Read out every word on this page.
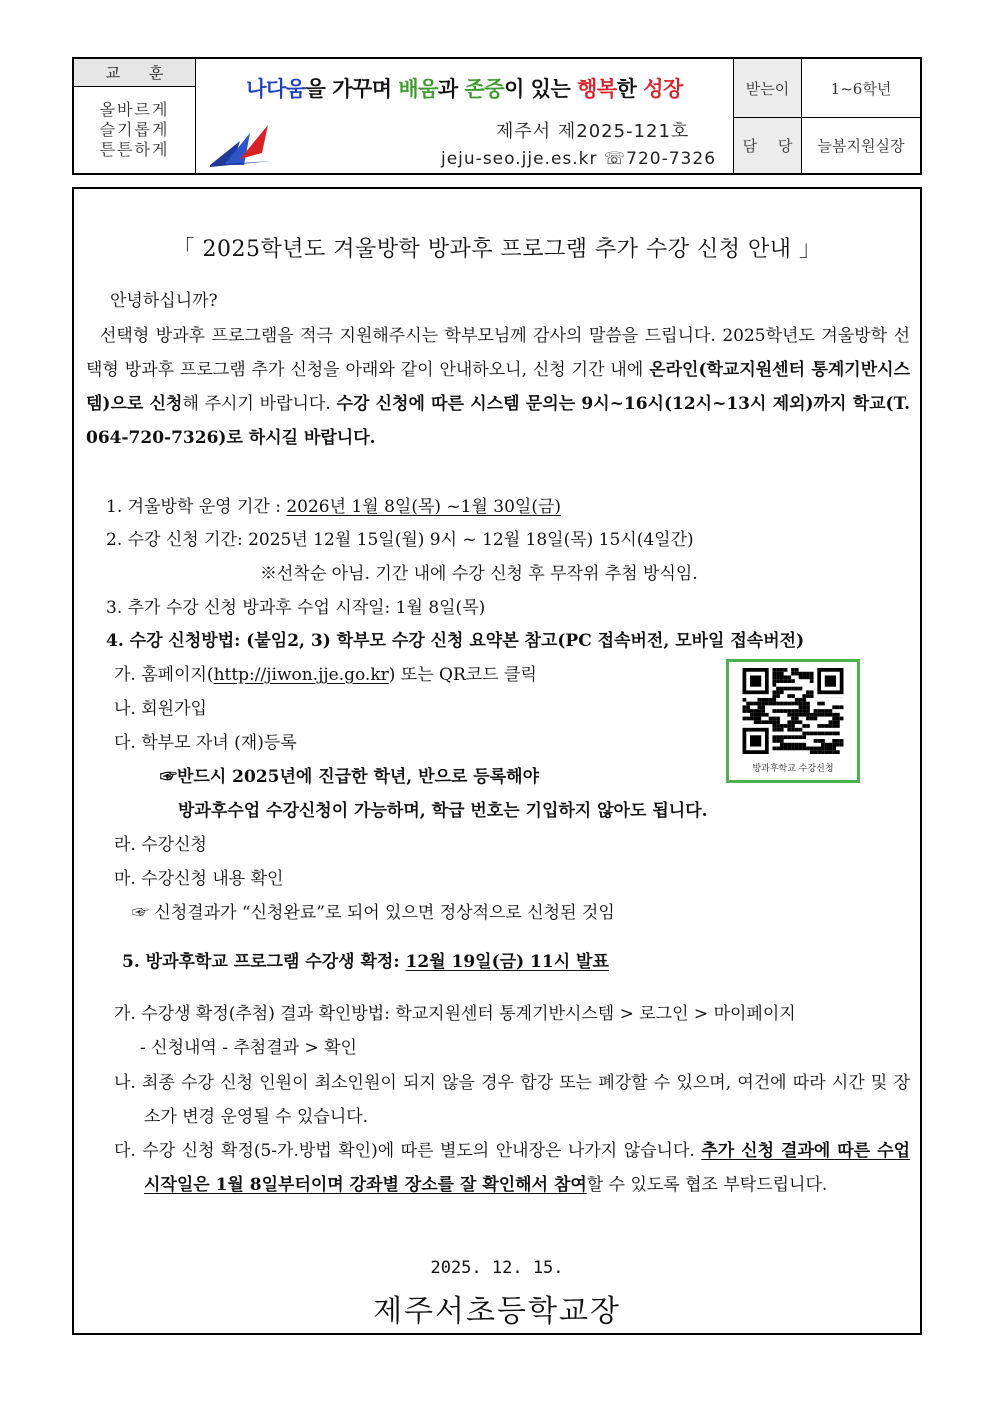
교 훈
올바르게
슬기롭게
튼튼하게
나다움을 가꾸며 배움과 존중이 있는 행복한 성장
제주서 제2025-121호
jeju-seo.jje.es.kr ☏720-7326
받는이	1~6학년
담 당	늘봄지원실장
「 2025학년도 겨울방학 방과후 프로그램 추가 수강 신청 안내 」
안녕하십니까?
선택형 방과후 프로그램을 적극 지원해주시는 학부모님께 감사의 말씀을 드립니다. 2025학년도 겨울방학 선택형 방과후 프로그램 추가 신청을 아래와 같이 안내하오니, 신청 기간 내에 온라인(학교지원센터 통계기반시스템)으로 신청해 주시기 바랍니다. 수강 신청에 따른 시스템 문의는 9시~16시(12시~13시 제외)까지 학교(T. 064-720-7326)로 하시길 바랍니다.
1. 겨울방학 운영 기간 : 2026년 1월 8일(목) ~1월 30일(금)
2. 수강 신청 기간: 2025년 12월 15일(월) 9시 ~ 12월 18일(목) 15시(4일간)
※선착순 아님. 기간 내에 수강 신청 후 무작위 추첨 방식임.
3. 추가 수강 신청 방과후 수업 시작일: 1월 8일(목)
4. 수강 신청방법: (붙임2, 3) 학부모 수강 신청 요약본 참고(PC 접속버전, 모바일 접속버전)
가. 홈페이지(http://jiwon.jje.go.kr) 또는 QR코드 클릭
나. 회원가입
다. 학부모 자녀 (재)등록
☞반드시 2025년에 진급한 학년, 반으로 등록해야
방과후수업 수강신청이 가능하며, 학급 번호는 기입하지 않아도 됩니다.
라. 수강신청
마. 수강신청 내용 확인
☞ 신청결과가 “신청완료”로 되어 있으면 정상적으로 신청된 것임
방과후학교 수강신청
5. 방과후학교 프로그램 수강생 확정: 12월 19일(금) 11시 발표
가. 수강생 확정(추첨) 결과 확인방법: 학교지원센터 통계기반시스템 > 로그인 > 마이페이지
- 신청내역 - 추첨결과 > 확인
나. 최종 수강 신청 인원이 최소인원이 되지 않을 경우 합강 또는 폐강할 수 있으며, 여건에 따라 시간 및 장소가 변경 운영될 수 있습니다.
다. 수강 신청 확정(5-가.방법 확인)에 따른 별도의 안내장은 나가지 않습니다. 추가 신청 결과에 따른 수업 시작일은 1월 8일부터이며 강좌별 장소를 잘 확인해서 참여할 수 있도록 협조 부탁드립니다.
2025. 12. 15.
제주서초등학교장
